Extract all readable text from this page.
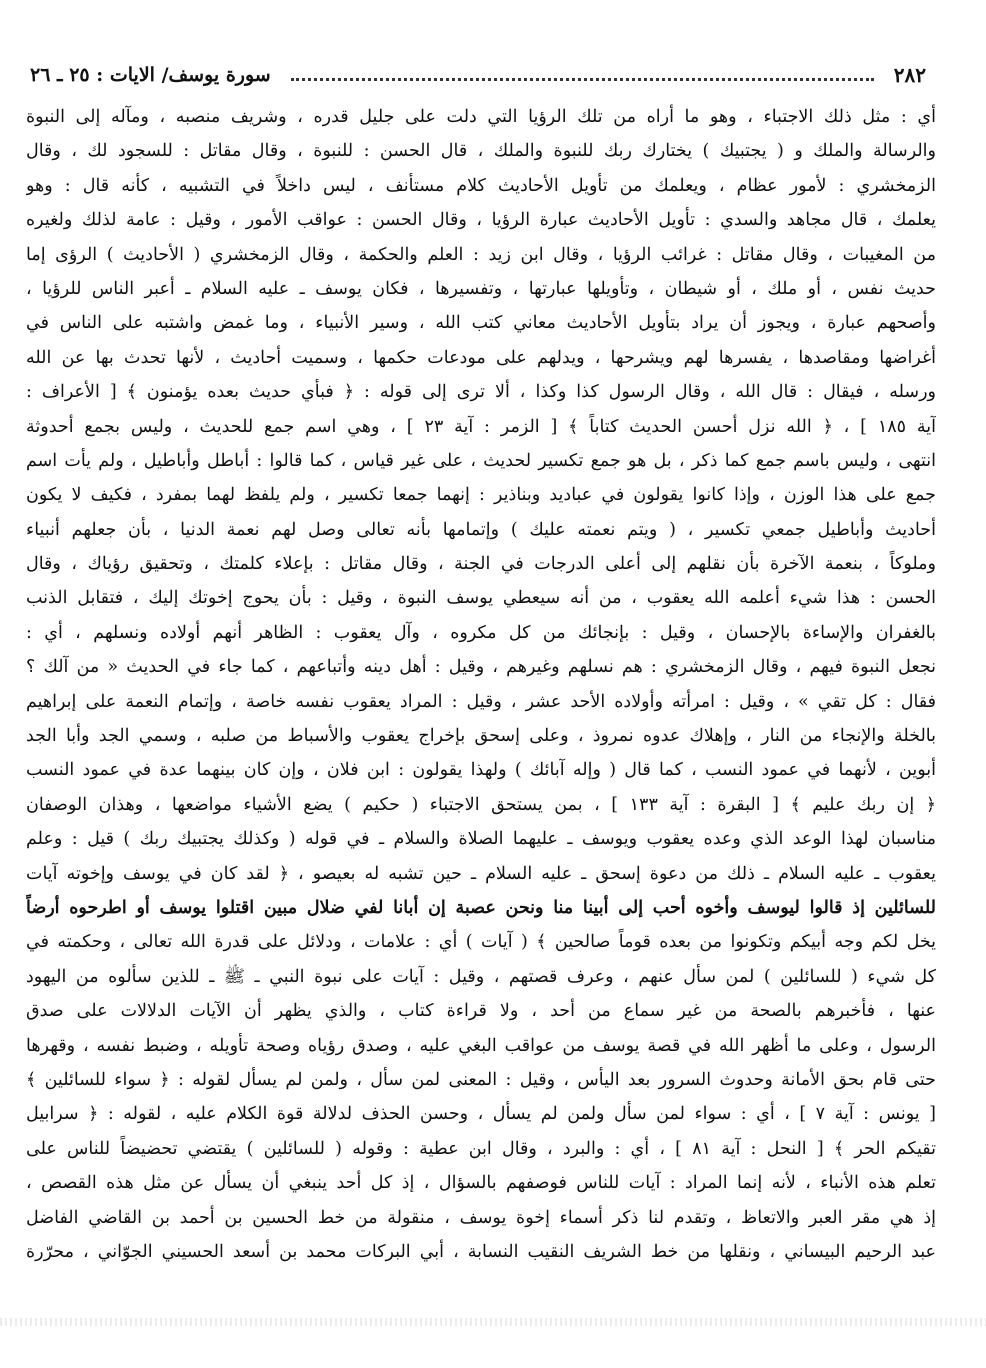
٢٨٢
سورة يوسف/ الايات : ٢٥ ـ ٢٦
أي : مثل ذلك الاجتباء ، وهو ما أراه من تلك الرؤيا التي دلت على جليل قدره ، وشريف منصبه ، ومآله إلى النبوة
والرسالة والملك و ( يجتبيك ) يختارك ربك للنبوة والملك ، قال الحسن : للنبوة ، وقال مقاتل : للسجود لك ، وقال
الزمخشري : لأمور عظام ، ويعلمك من تأويل الأحاديث كلام مستأنف ، ليس داخلاً في التشبيه ، كأنه قال : وهو
يعلمك ، قال مجاهد والسدي : تأويل الأحاديث عبارة الرؤيا ، وقال الحسن : عواقب الأمور ، وقيل : عامة لذلك ولغيره
من المغيبات ، وقال مقاتل : غرائب الرؤيا ، وقال ابن زيد : العلم والحكمة ، وقال الزمخشري ( الأحاديث ) الرؤى إما
حديث نفس ، أو ملك ، أو شيطان ، وتأويلها عبارتها ، وتفسيرها ، فكان يوسف ـ عليه السلام ـ أعبر الناس للرؤيا ،
وأصحهم عبارة ، ويجوز أن يراد بتأويل الأحاديث معاني كتب الله ، وسير الأنبياء ، وما غمض واشتبه على الناس في
أغراضها ومقاصدها ، يفسرها لهم ويشرحها ، ويدلهم على مودعات حكمها ، وسميت أحاديث ، لأنها تحدث بها عن الله
ورسله ، فيقال : قال الله ، وقال الرسول كذا وكذا ، ألا ترى إلى قوله : ﴿ فبأي حديث بعده يؤمنون ﴾ [ الأعراف :
آية ١٨٥ ] ، ﴿ الله نزل أحسن الحديث كتاباً ﴾ [ الزمر : آية ٢٣ ] ، وهي اسم جمع للحديث ، وليس بجمع أحدوثة
انتهى ، وليس باسم جمع كما ذكر ، بل هو جمع تكسير لحديث ، على غير قياس ، كما قالوا : أباطل وأباطيل ، ولم يأت اسم
جمع على هذا الوزن ، وإذا كانوا يقولون في عباديد وبناذير : إنهما جمعا تكسير ، ولم يلفظ لهما بمفرد ، فكيف لا يكون
أحاديث وأباطيل جمعي تكسير ، ( ويتم نعمته عليك ) وإتمامها بأنه تعالى وصل لهم نعمة الدنيا ، بأن جعلهم أنبياء
وملوكاً ، بنعمة الآخرة بأن نقلهم إلى أعلى الدرجات في الجنة ، وقال مقاتل : بإعلاء كلمتك ، وتحقيق رؤياك ، وقال
الحسن : هذا شيء أعلمه الله يعقوب ، من أنه سيعطي يوسف النبوة ، وقيل : بأن يحوج إخوتك إليك ، فتقابل الذنب
بالغفران والإساءة بالإحسان ، وقيل : بإنجائك من كل مكروه ، وآل يعقوب : الظاهر أنهم أولاده ونسلهم ، أي :
نجعل النبوة فيهم ، وقال الزمخشري : هم نسلهم وغيرهم ، وقيل : أهل دينه وأتباعهم ، كما جاء في الحديث « من آلك ؟
فقال : كل تقي » ، وقيل : امرأته وأولاده الأحد عشر ، وقيل : المراد يعقوب نفسه خاصة ، وإتمام النعمة على إبراهيم
بالخلة والإنجاء من النار ، وإهلاك عدوه نمروذ ، وعلى إسحق بإخراج يعقوب والأسباط من صلبه ، وسمي الجد وأبا الجد
أبوين ، لأنهما في عمود النسب ، كما قال ( وإله آبائك ) ولهذا يقولون : ابن فلان ، وإن كان بينهما عدة في عمود النسب
﴿ إن ربك عليم ﴾ [ البقرة : آية ١٣٣ ] ، بمن يستحق الاجتباء ( حكيم ) يضع الأشياء مواضعها ، وهذان الوصفان
مناسبان لهذا الوعد الذي وعده يعقوب ويوسف ـ عليهما الصلاة والسلام ـ في قوله ( وكذلك يجتبيك ربك ) قيل : وعلم
يعقوب ـ عليه السلام ـ ذلك من دعوة إسحق ـ عليه السلام ـ حين تشبه له بعيصو ، ﴿ لقد كان في يوسف وإخوته آيات
للسائلين إذ قالوا ليوسف وأخوه أحب إلى أبينا منا ونحن عصبة إن أبانا لفي ضلال مبين اقتلوا يوسف أو اطرحوه أرضاً
يخل لكم وجه أبيكم وتكونوا من بعده قوماً صالحين ﴾ ( آيات ) أي : علامات ، ودلائل على قدرة الله تعالى ، وحكمته في
كل شيء ( للسائلين ) لمن سأل عنهم ، وعرف قصتهم ، وقيل : آيات على نبوة النبي ـ ﷺ ـ للذين سألوه من اليهود
عنها ، فأخبرهم بالصحة من غير سماع من أحد ، ولا قراءة كتاب ، والذي يظهر أن الآيات الدلالات على صدق
الرسول ، وعلى ما أظهر الله في قصة يوسف من عواقب البغي عليه ، وصدق رؤياه وصحة تأويله ، وضبط نفسه ، وقهرها
حتى قام بحق الأمانة وحدوث السرور بعد اليأس ، وقيل : المعنى لمن سأل ، ولمن لم يسأل لقوله : ﴿ سواء للسائلين ﴾
[ يونس : آية ٧ ] ، أي : سواء لمن سأل ولمن لم يسأل ، وحسن الحذف لدلالة قوة الكلام عليه ، لقوله : ﴿ سرابيل
تقيكم الحر ﴾ [ النحل : آية ٨١ ] ، أي : والبرد ، وقال ابن عطية : وقوله ( للسائلين ) يقتضي تحضيضاً للناس على
تعلم هذه الأنباء ، لأنه إنما المراد : آيات للناس فوصفهم بالسؤال ، إذ كل أحد ينبغي أن يسأل عن مثل هذه القصص ،
إذ هي مقر العبر والاتعاظ ، وتقدم لنا ذكر أسماء إخوة يوسف ، منقولة من خط الحسين بن أحمد بن القاضي الفاضل
عبد الرحيم البيساني ، ونقلها من خط الشريف النقيب النسابة ، أبي البركات محمد بن أسعد الحسيني الجوّاني ، محرّرة
